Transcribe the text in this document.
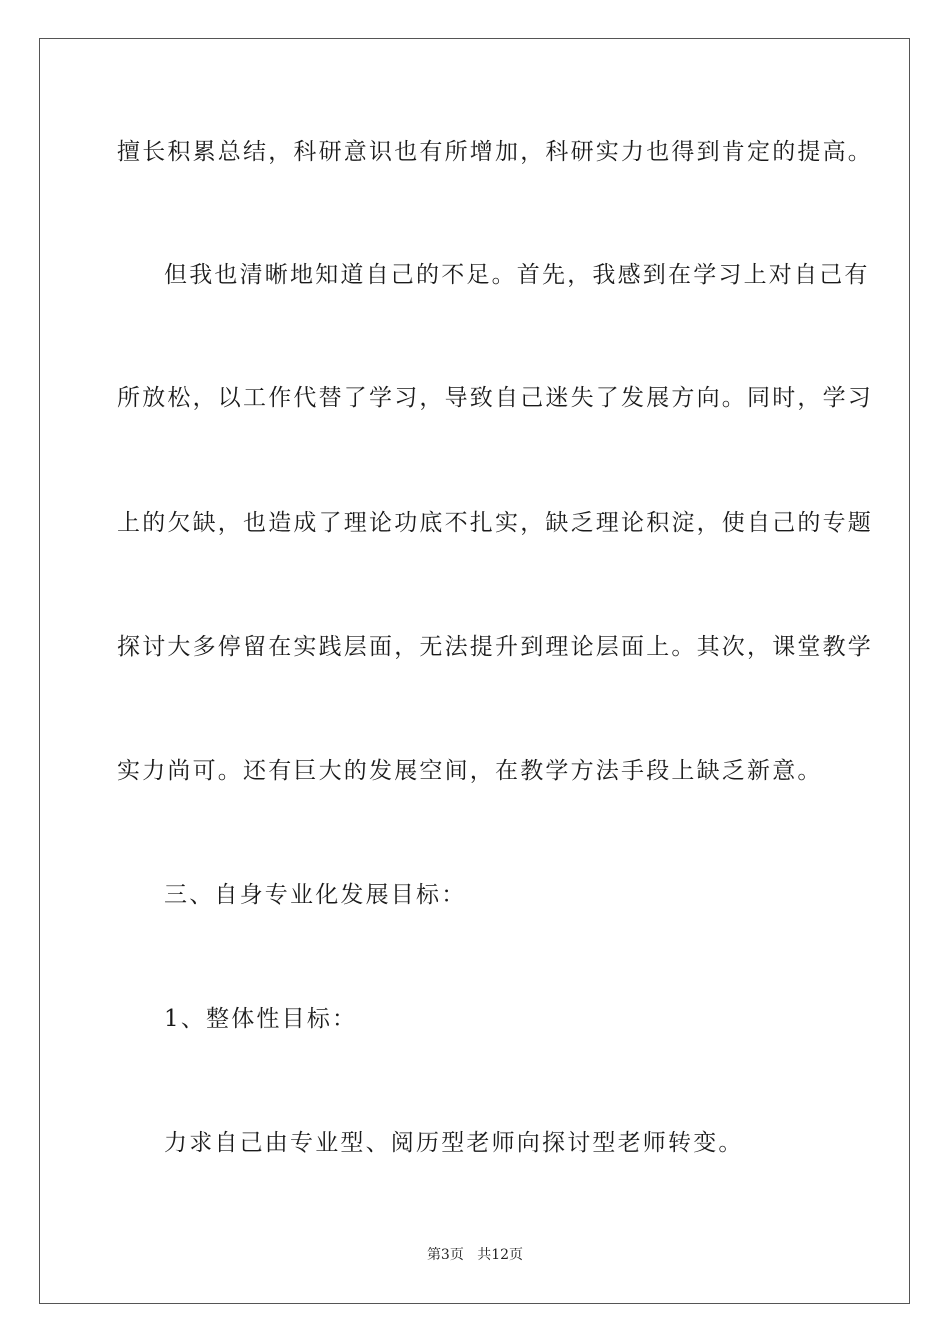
擅长积累总结，科研意识也有所增加，科研实力也得到肯定的提高。
但我也清晰地知道自己的不足。首先，我感到在学习上对自己有
所放松，以工作代替了学习，导致自己迷失了发展方向。同时，学习
上的欠缺，也造成了理论功底不扎实，缺乏理论积淀，使自己的专题
探讨大多停留在实践层面，无法提升到理论层面上。其次，课堂教学
实力尚可。还有巨大的发展空间，在教学方法手段上缺乏新意。
三、自身专业化发展目标：
1、整体性目标：
力求自己由专业型、阅历型老师向探讨型老师转变。
第3页 共12页
